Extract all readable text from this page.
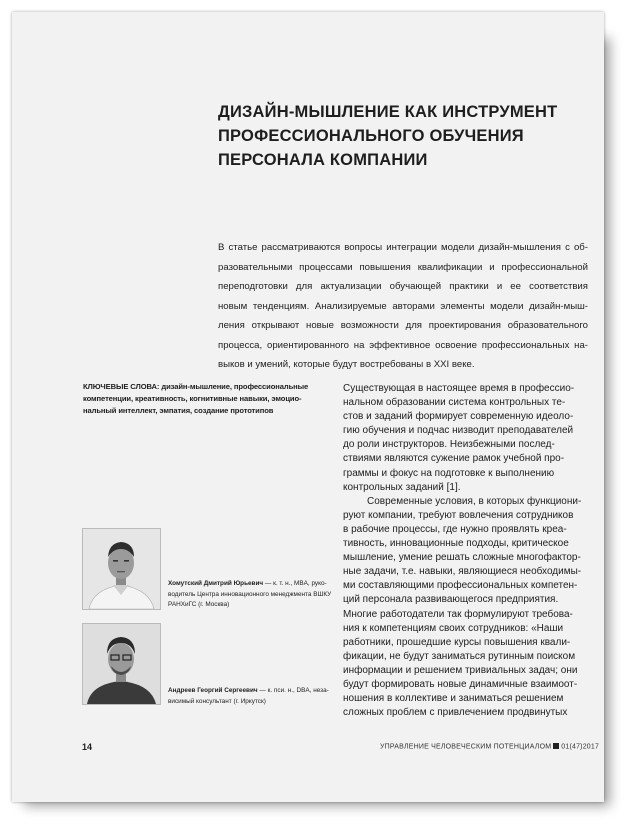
ДИЗАЙН-МЫШЛЕНИЕ КАК ИНСТРУМЕНТ
ПРОФЕССИОНАЛЬНОГО ОБУЧЕНИЯ
ПЕРСОНАЛА КОМПАНИИ
В статье рассматриваются вопросы интеграции модели дизайн-мышления с об-
разовательными процессами повышения квалификации и профессиональной
переподготовки для актуализации обучающей практики и ее соответствия
новым тенденциям. Анализируемые авторами элементы модели дизайн-мыш-
ления открывают новые возможности для проектирования образовательного
процесса, ориентированного на эффективное освоение профессиональных на-
выков и умений, которые будут востребованы в XXI веке.
КЛЮЧЕВЫЕ СЛОВА: дизайн-мышление, профессиональные
компетенции, креативность, когнитивные навыки, эмоцио-
нальный интеллект, эмпатия, создание прототипов
Существующая в настоящее время в профессио-
нальном образовании система контрольных те-
стов и заданий формирует современную идеоло-
гию обучения и подчас низводит преподавателей
до роли инструкторов. Неизбежными послед-
ствиями являются сужение рамок учебной про-
граммы и фокус на подготовке к выполнению
контрольных заданий [1].
Современные условия, в которых функциони-
руют компании, требуют вовлечения сотрудников
в рабочие процессы, где нужно проявлять креа-
тивность, инновационные подходы, критическое
мышление, умение решать сложные многофактор-
ные задачи, т.е. навыки, являющиеся необходимы-
ми составляющими профессиональных компетен-
ций персонала развивающегося предприятия.
Многие работодатели так формулируют требова-
ния к компетенциям своих сотрудников: «Наши
работники, прошедшие курсы повышения квали-
фикации, не будут заниматься рутинным поиском
информации и решением тривиальных задач; они
будут формировать новые динамичные взаимоот-
ношения в коллективе и заниматься решением
сложных проблем с привлечением продвинутых
Хомутский Дмитрий Юрьевич — к. т. н., MBA, руко-
водитель Центра инновационного менеджмента ВШКУ
РАНХиГС (г. Москва)
Андреев Георгий Сергеевич — к. пси. н., DBA, неза-
висимый консультант (г. Иркутск)
14	УПРАВЛЕНИЕ ЧЕЛОВЕЧЕСКИМ ПОТЕНЦИАЛОМ 01(47)2017
